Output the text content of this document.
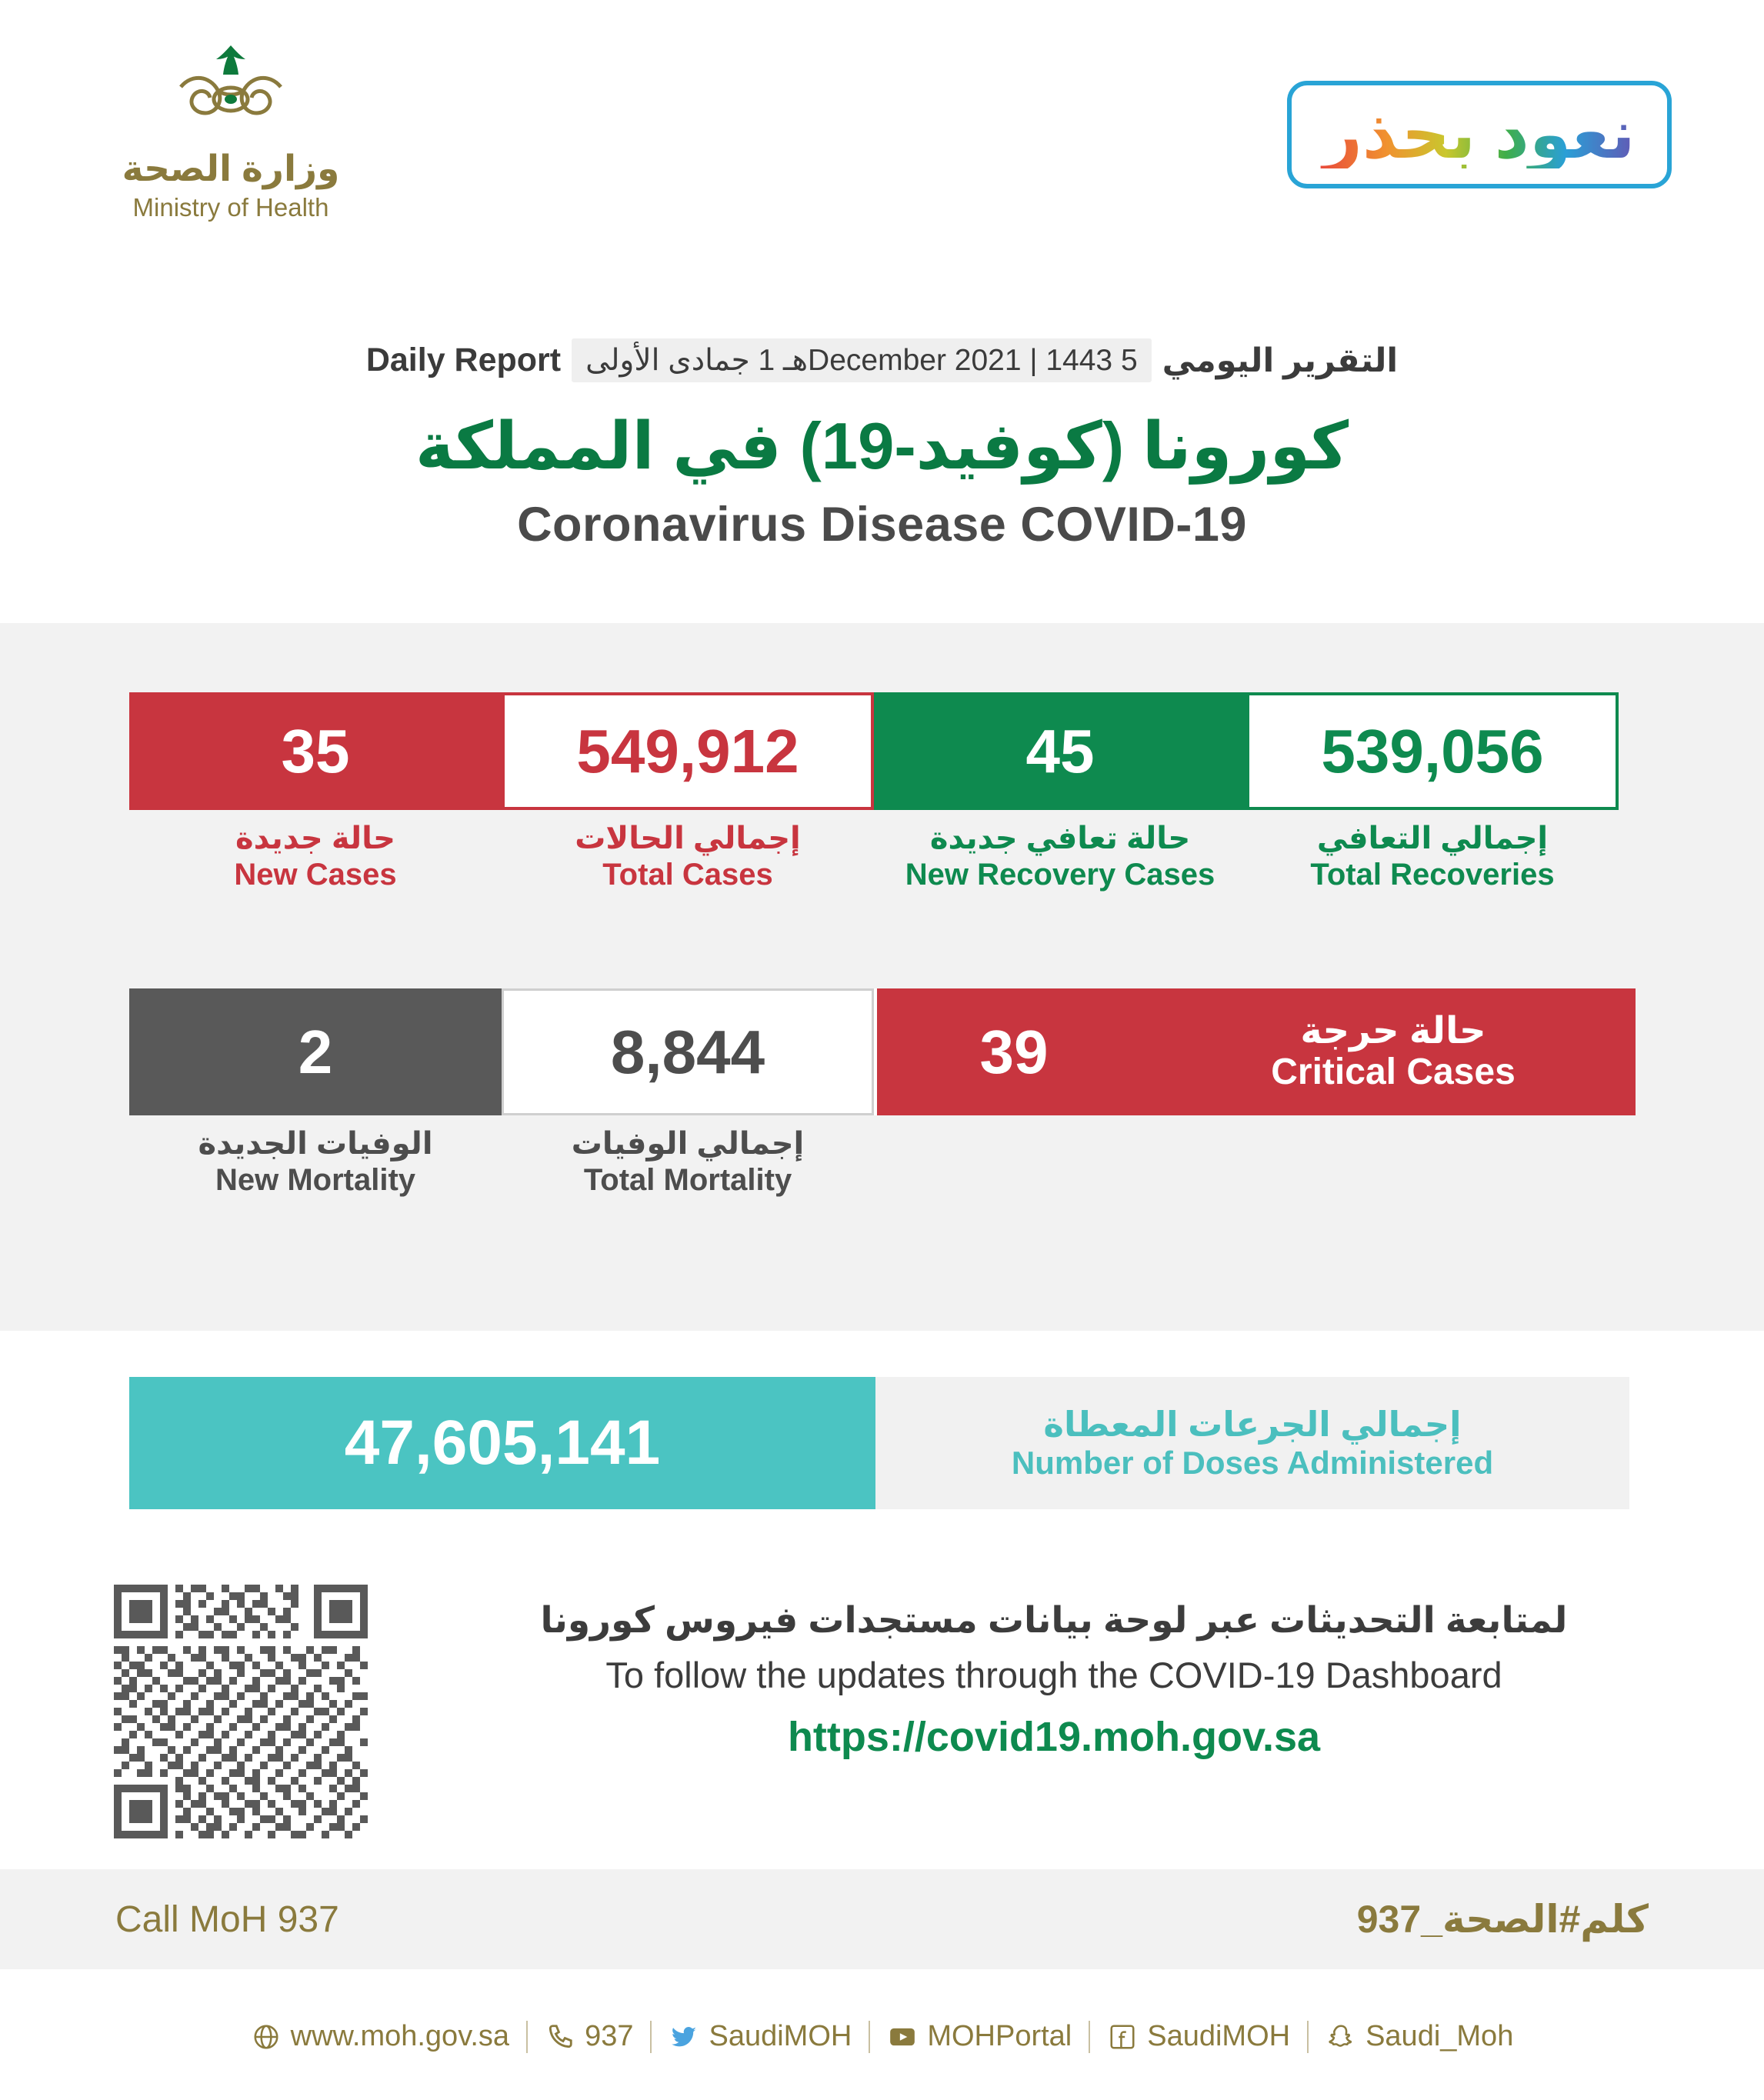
وزارة الصحة
Ministry of Health
نعود بحذر
التقرير اليومي
5 December 2021 | 1443هـ 1 جمادى الأولى
Daily Report
كورونا (كوفيد-19) في المملكة
Coronavirus Disease COVID-19
539,056
إجمالي التعافي
Total Recoveries
45
حالة تعافي جديدة
New Recovery Cases
549,912
إجمالي الحالات
Total Cases
35
حالة جديدة
New Cases
حالة حرجة
Critical Cases
39
8,844
إجمالي الوفيات
Total Mortality
2
الوفيات الجديدة
New Mortality
إجمالي الجرعات المعطاة
Number of Doses Administered
47,605,141
لمتابعة التحديثات عبر لوحة بيانات مستجدات فيروس كورونا
To follow the updates through the COVID-19 Dashboard
https://covid19.moh.gov.sa
Call MoH 937	كلم#الصحة_937
www.moh.gov.sa	937	SaudiMOH	MOHPortal	SaudiMOH	Saudi_Moh
